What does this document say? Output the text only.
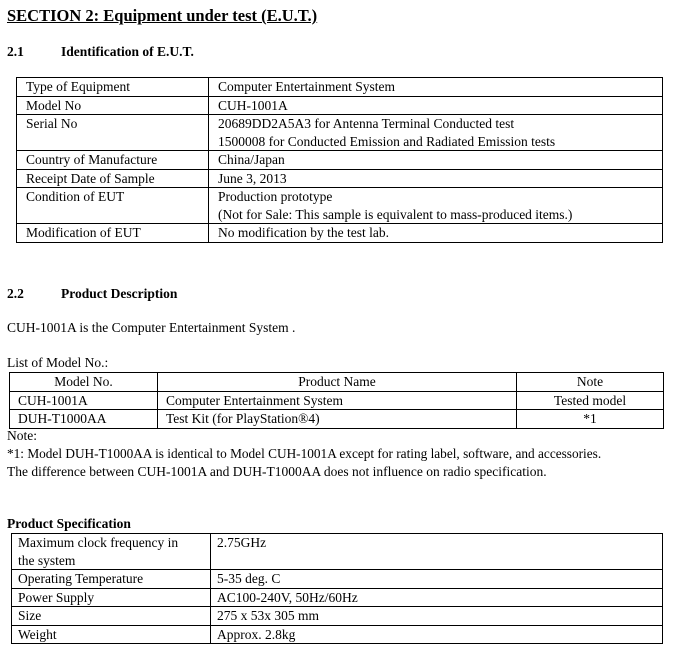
SECTION 2: Equipment under test (E.U.T.)
2.1	Identification of E.U.T.
Type of Equipment	Computer Entertainment System
Model No	CUH-1001A
Serial No	20689DD2A5A3 for Antenna Terminal Conducted test
1500008 for Conducted Emission and Radiated Emission tests

Country of Manufacture	China/Japan
Receipt Date of Sample	June 3, 2013
Condition of EUT	Production prototype
(Not for Sale: This sample is equivalent to mass-produced items.)

Modification of EUT	No modification by the test lab.
2.2	Product Description
CUH-1001A is the Computer Entertainment System .
List of Model No.:
Model No.	Product Name	Note
CUH-1001A	Computer Entertainment System	Tested model
DUH-T1000AA	Test Kit (for PlayStation®4)	*1
Note:
*1: Model DUH-T1000AA is identical to Model CUH-1001A except for rating label, software, and accessories.
The difference between CUH-1001A and DUH-T1000AA does not influence on radio specification.
Product Specification
Maximum clock frequency in
the system	2.75GHz
Operating Temperature	5-35 deg. C
Power Supply	AC100-240V, 50Hz/60Hz
Size	275 x 53x 305 mm
Weight	Approx. 2.8kg
